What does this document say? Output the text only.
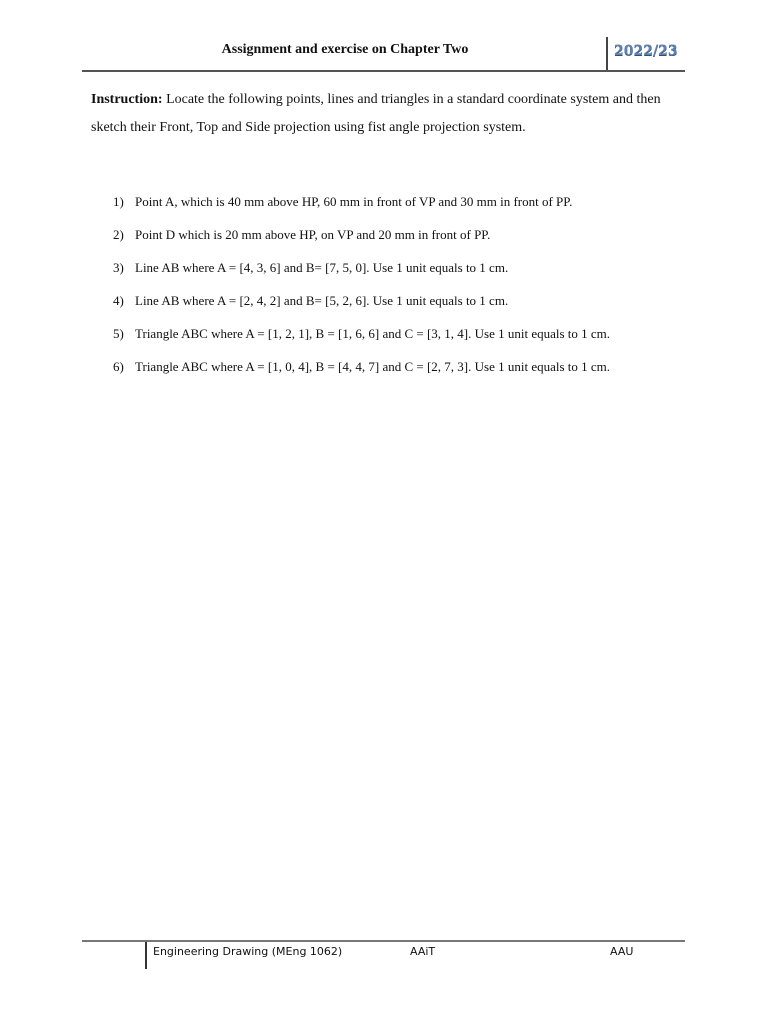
Assignment and exercise on Chapter Two	2022/23
Instruction: Locate the following points, lines and triangles in a standard coordinate system and then sketch their Front, Top and Side projection using fist angle projection system.
1) Point A, which is 40 mm above HP, 60 mm in front of VP and 30 mm in front of PP.
2) Point D which is 20 mm above HP, on VP and 20 mm in front of PP.
3) Line AB where A = [4, 3, 6] and B= [7, 5, 0]. Use 1 unit equals to 1 cm.
4) Line AB where A = [2, 4, 2] and B= [5, 2, 6]. Use 1 unit equals to 1 cm.
5) Triangle ABC where A = [1, 2, 1], B = [1, 6, 6] and C = [3, 1, 4]. Use 1 unit equals to 1 cm.
6) Triangle ABC where A = [1, 0, 4], B = [4, 4, 7] and C = [2, 7, 3]. Use 1 unit equals to 1 cm.
Engineering Drawing (MEng 1062)	AAiT	AAU
